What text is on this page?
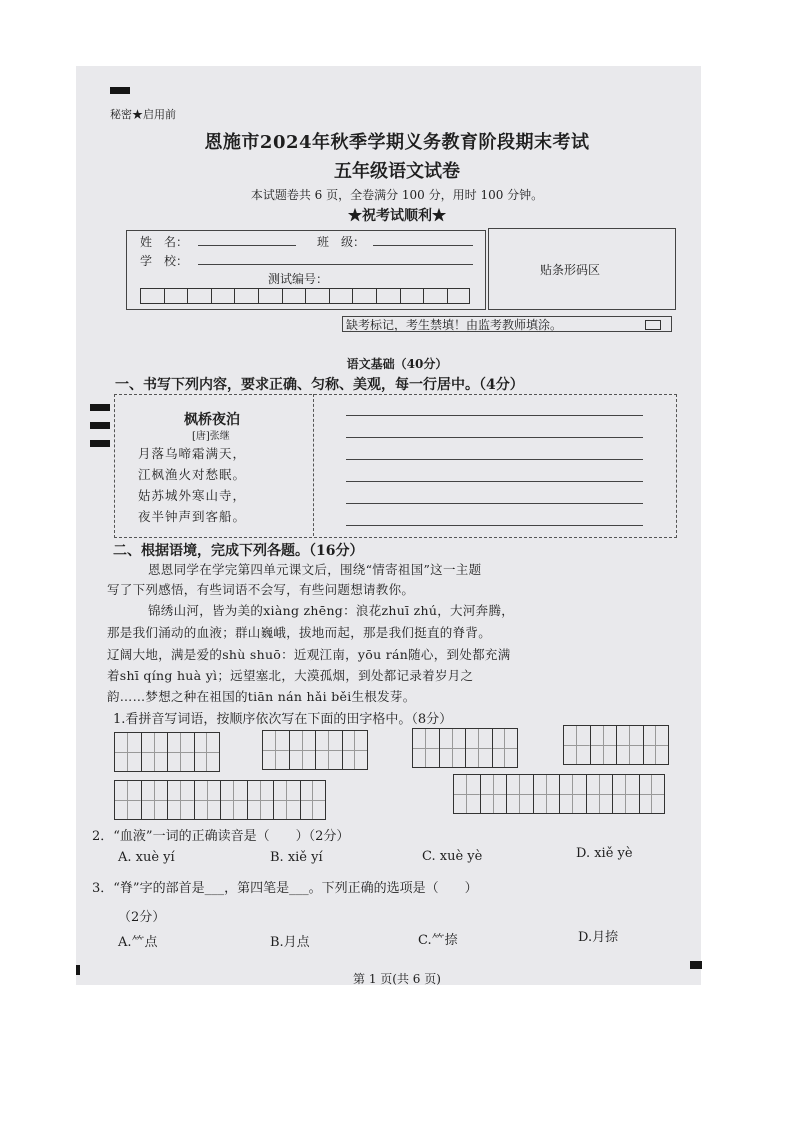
秘密★启用前
恩施市2024年秋季学期义务教育阶段期末考试
五年级语文试卷
本试题卷共 6 页，全卷满分 100 分，用时 100 分钟。
★祝考试顺利★
姓　名：	班　级：
学　校：
测试编号：
贴条形码区
缺考标记，考生禁填！由监考教师填涂。
语文基础（40分）
一、书写下列内容，要求正确、匀称、美观，每一行居中。（4分）
枫桥夜泊
[唐]张继
月落乌啼霜满天，
江枫渔火对愁眠。
姑苏城外寒山寺，
夜半钟声到客船。
二、根据语境，完成下列各题。（16分）
恩恩同学在学完第四单元课文后，围绕“情寄祖国”这一主题
写了下列感悟，有些词语不会写，有些问题想请教你。
锦绣山河，皆为美的xiàng zhēng：浪花zhuī zhú，大河奔腾，
那是我们涌动的血液；群山巍峨，拔地而起，那是我们挺直的脊背。
辽阔大地，满是爱的shù shuō：近观江南，yōu rán随心，到处都充满
着shī qíng huà yì；远望塞北，大漠孤烟，到处都记录着岁月之
韵……梦想之种在祖国的tiān nán hǎi běi生根发芽。
1.看拼音写词语，按顺序依次写在下面的田字格中。（8分）
2．“血液”一词的正确读音是（　　）（2分）
A. xuè yí	B. xiě yí	C. xuè yè	D. xiě yè
3．“脊”字的部首是___，第四笔是___。下列正确的选项是（　　）
（2分）
A.⺮点	B.月点	C.⺮捺	D.月捺
第 1 页(共 6 页)
